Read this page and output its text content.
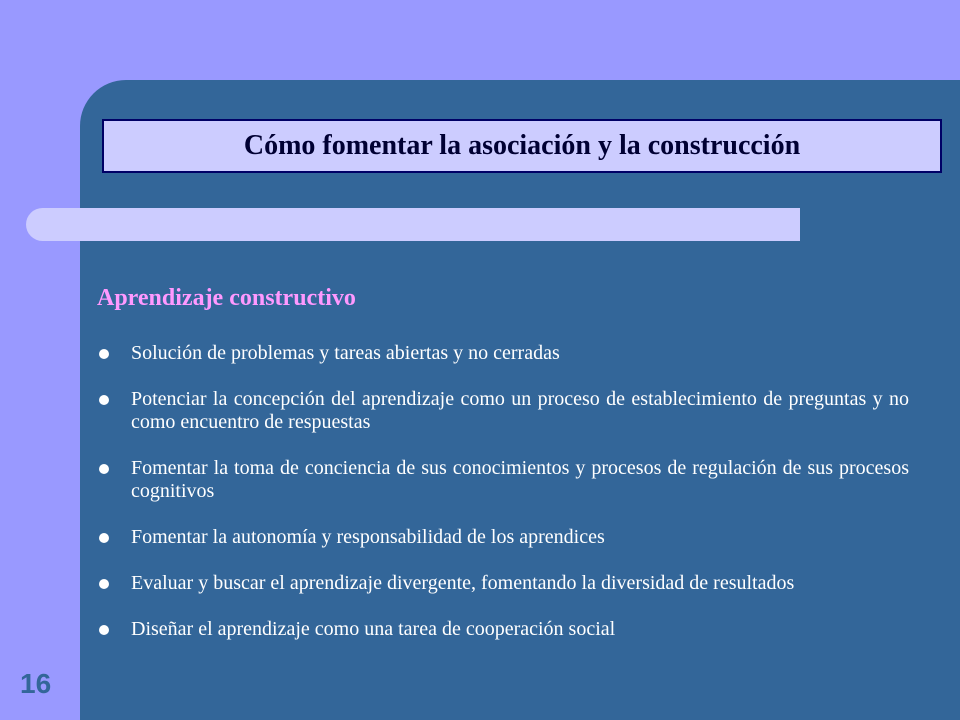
Cómo fomentar la asociación y la construcción
Aprendizaje constructivo
Solución de problemas y tareas abiertas y no cerradas
Potenciar la concepción del aprendizaje como un proceso de establecimiento de preguntas y no como encuentro de respuestas
Fomentar la toma de conciencia de sus conocimientos y procesos de regulación de sus procesos cognitivos
Fomentar la autonomía y responsabilidad de los aprendices
Evaluar y buscar el aprendizaje divergente, fomentando la diversidad de resultados
Diseñar el aprendizaje como una tarea de cooperación social
16
